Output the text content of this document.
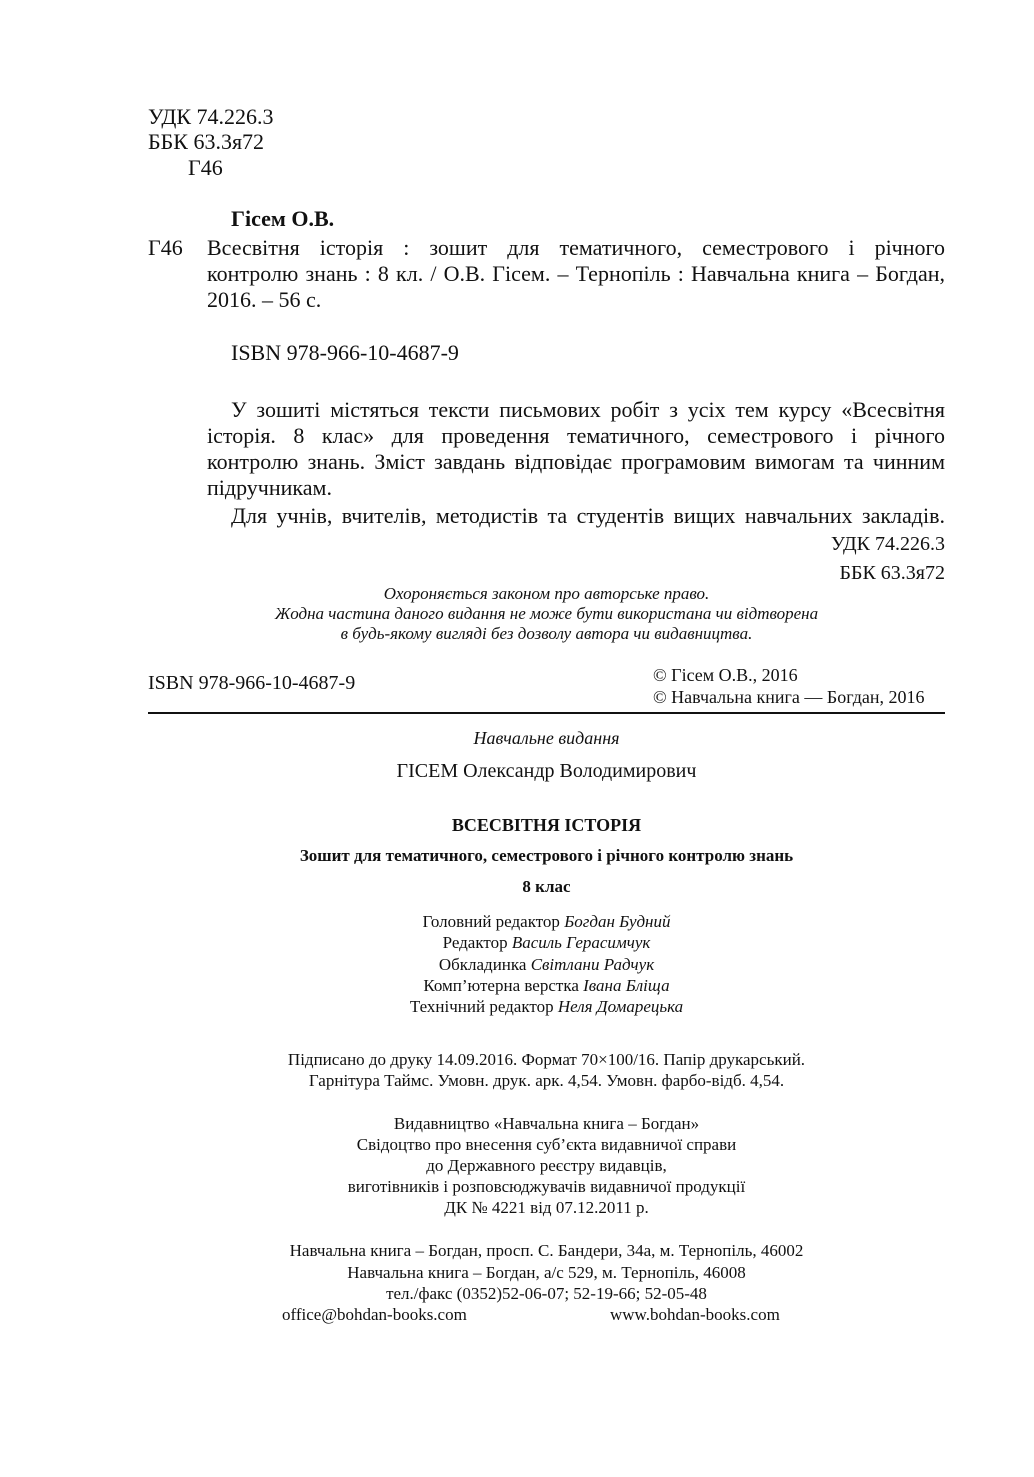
УДК 74.226.3
ББК 63.3я72
Г46
Гісем О.В.
Г46 Всесвітня історія : зошит для тематичного, семестрового і річного
контролю знань : 8 кл. / О.В. Гісем. – Тернопіль : Навчальна книга – Богдан, 2016. – 56 с.
ISBN 978-966-10-4687-9
У зошиті містяться тексти письмових робіт з усіх тем курсу «Всесвітня історія. 8 клас» для проведення тематичного, семестрового і річного контролю знань. Зміст завдань відповідає програмовим вимогам та чинним підручникам.
Для учнів, вчителів, методистів та студентів вищих навчальних закладів.
УДК 74.226.3
ББК 63.3я72
Охороняється законом про авторське право.
Жодна частина даного видання не може бути використана чи відтворена
в будь-якому вигляді без дозволу автора чи видавництва.
ISBN 978-966-10-4687-9	© Гісем О.В., 2016
© Навчальна книга — Богдан, 2016
Навчальне видання
ГІСЕМ Олександр Володимирович
ВСЕСВІТНЯ ІСТОРІЯ
Зошит для тематичного, семестрового і річного контролю знань
8 клас
Головний редактор Богдан Будний
Редактор Василь Герасимчук
Обкладинка Світлани Радчук
Комп’ютерна верстка Івана Бліща
Технічний редактор Неля Домарецька
Підписано до друку 14.09.2016. Формат 70×100/16. Папір друкарський.
Гарнітура Таймс. Умовн. друк. арк. 4,54. Умовн. фарбо-відб. 4,54.
Видавництво «Навчальна книга – Богдан»
Свідоцтво про внесення суб’єкта видавничої справи
до Державного реєстру видавців,
виготівників і розповсюджувачів видавничої продукції
ДК № 4221 від 07.12.2011 р.
Навчальна книга – Богдан, просп. С. Бандери, 34а, м. Тернопіль, 46002
Навчальна книга – Богдан, а/с 529, м. Тернопіль, 46008
тел./факс (0352)52-06-07; 52-19-66; 52-05-48
office@bohdan-books.com	www.bohdan-books.com
